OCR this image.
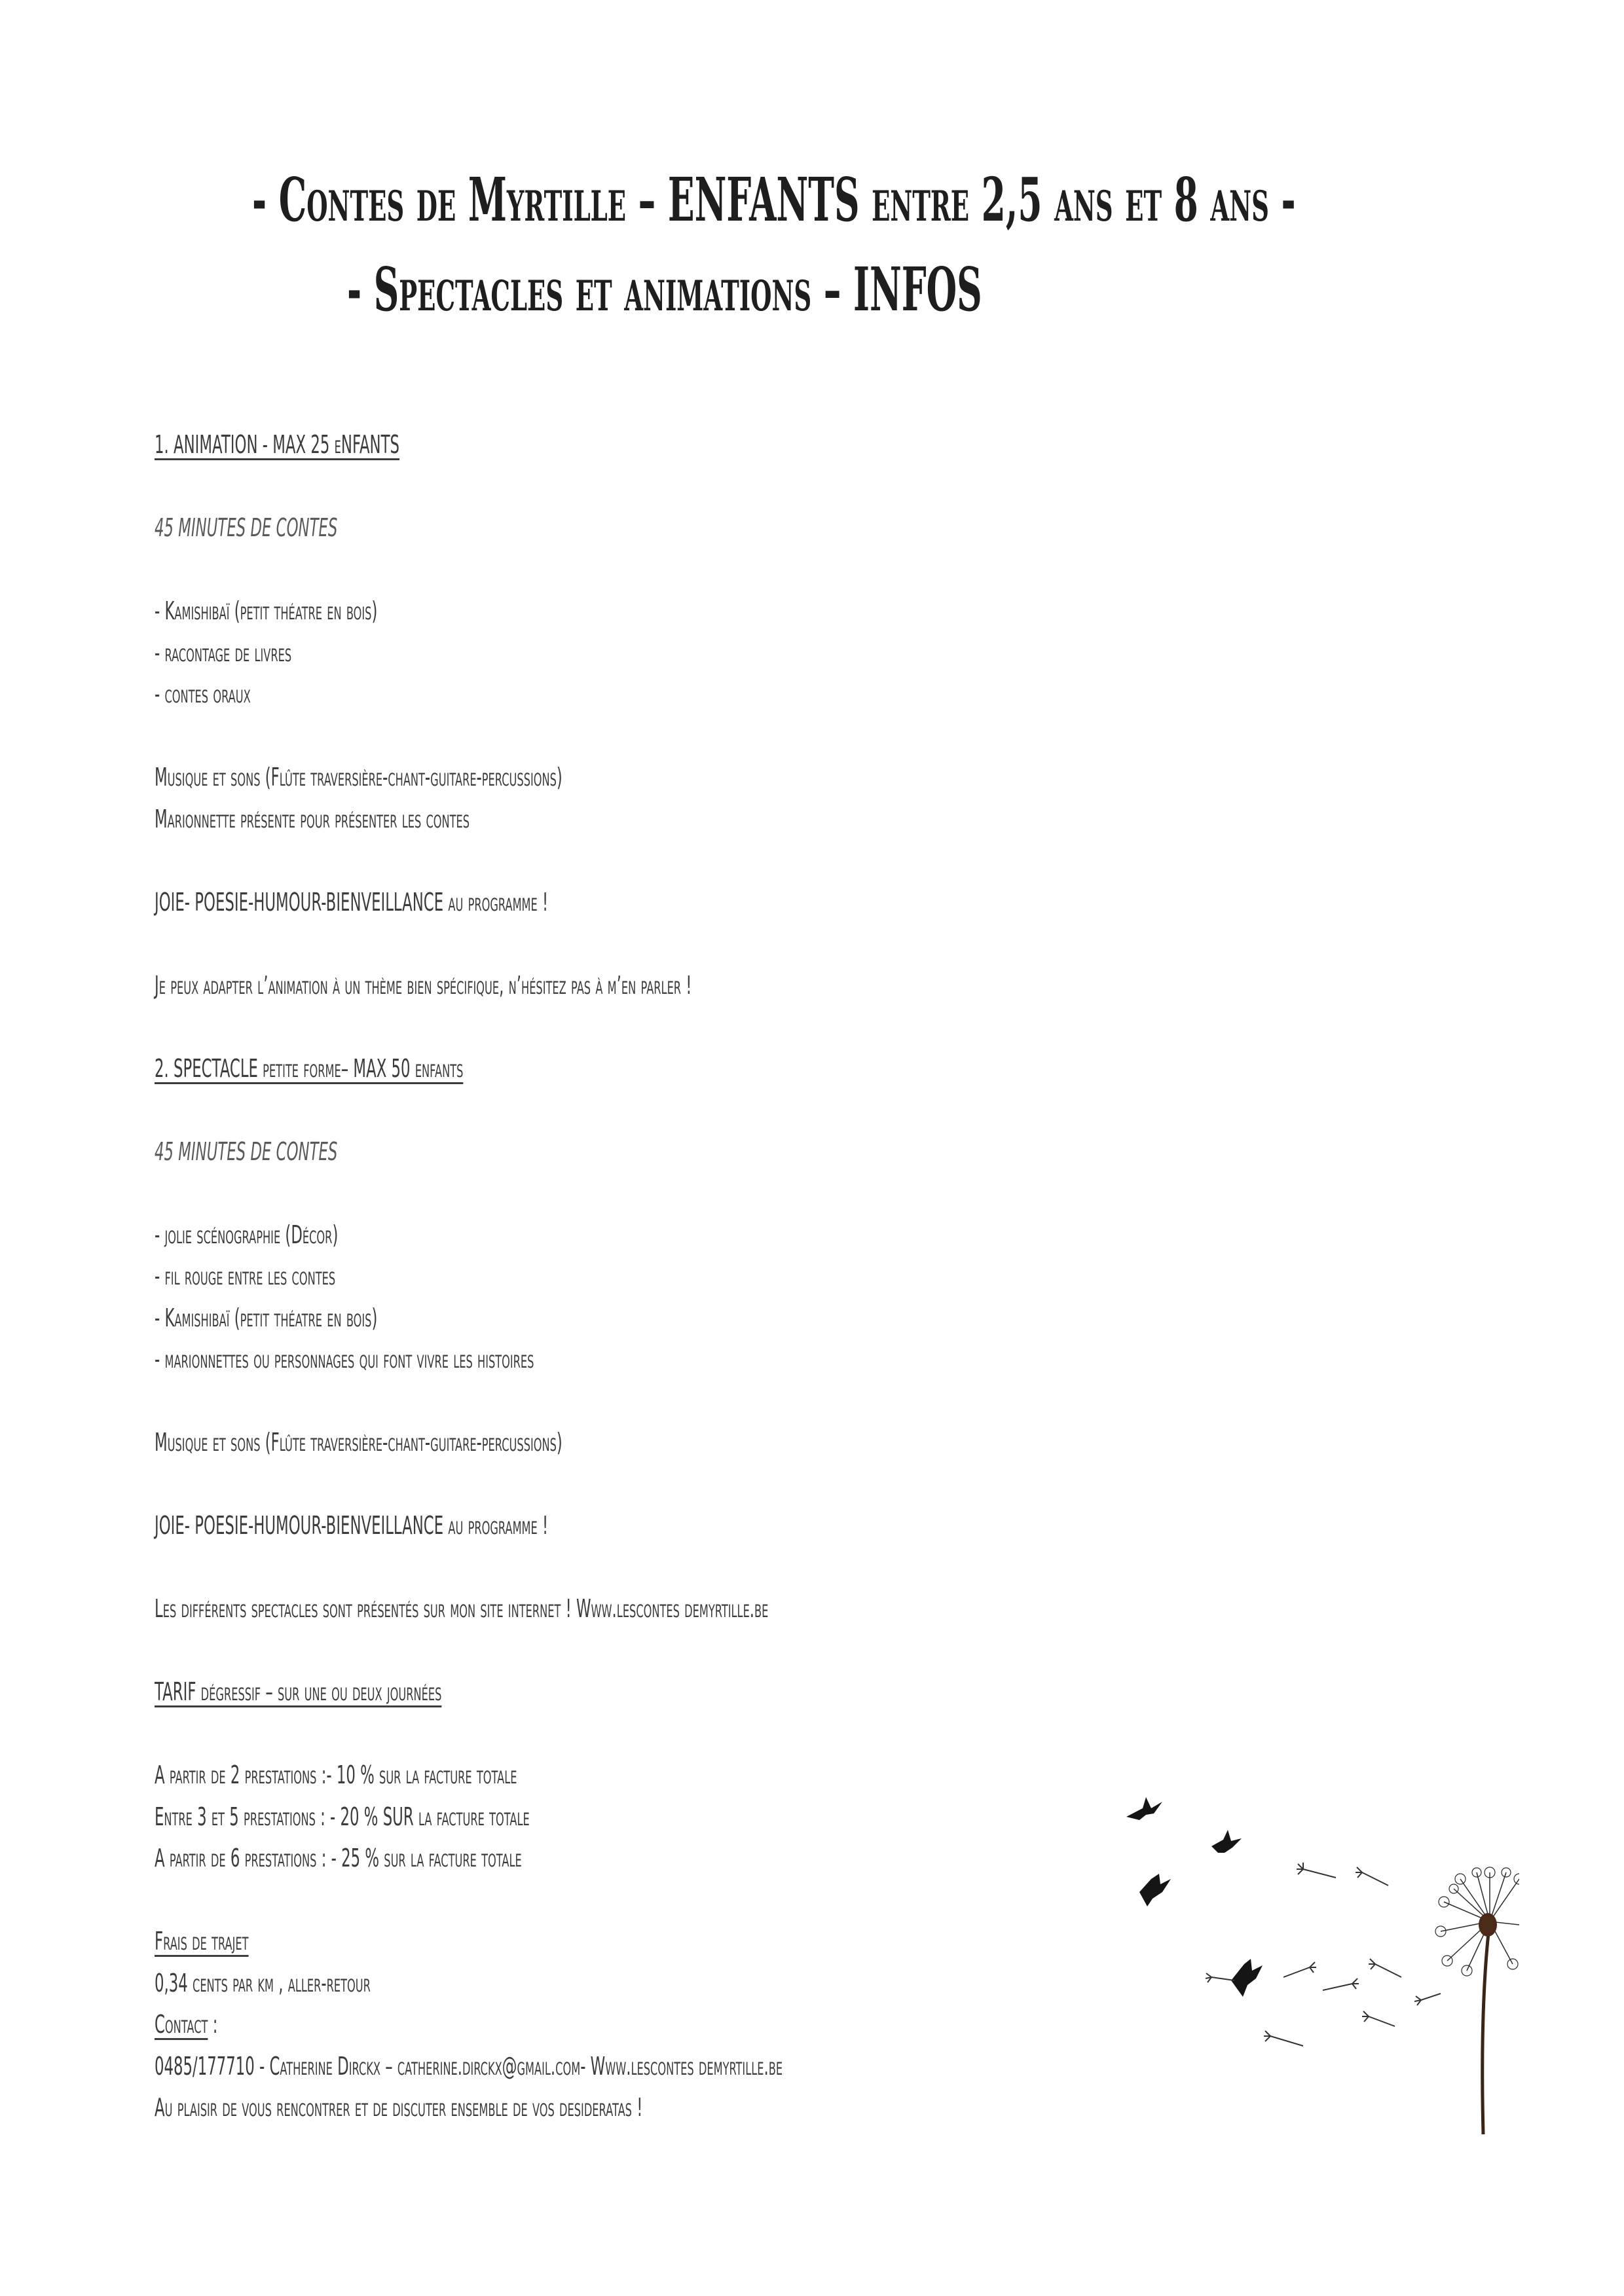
- Contes de Myrtille – ENFANTS entre 2,5 ans et 8 ans -
- Spectacles et animations – INFOS
1. ANIMATION - MAX 25 eNFANTS
45 MINUTES DE CONTES
- Kamishibaï (petit théatre en bois)
- racontage de livres
- contes oraux
Musique et sons (Flûte traversière-chant-guitare-percussions)
Marionnette présente pour présenter les contes
JOIE- POESIE-HUMOUR-BIENVEILLANCE au programme !
Je peux adapter l’animation à un thème bien spécifique, n’hésitez pas à m’en parler !
2. SPECTACLE petite forme– MAX 50 enfants
45 MINUTES DE CONTES
- jolie scénographie (Décor)
- fil rouge entre les contes
- Kamishibaï (petit théatre en bois)
- marionnettes ou personnages qui font vivre les histoires
Musique et sons (Flûte traversière-chant-guitare-percussions)
JOIE- POESIE-HUMOUR-BIENVEILLANCE au programme !
Les différents spectacles sont présentés sur mon site internet ! Www.lescontes demyrtille.be
TARIF dégressif – sur une ou deux journées
A partir de 2 prestations :- 10 % sur la facture totale
Entre 3 et 5 prestations : - 20 % SUR la facture totale
A partir de 6 prestations : - 25 % sur la facture totale
Frais de trajet
0,34 cents par km , aller-retour
Contact :
0485/177710 - Catherine Dirckx – catherine.dirckx@gmail.com- Www.lescontes demyrtille.be
Au plaisir de vous rencontrer et de discuter ensemble de vos desideratas !
